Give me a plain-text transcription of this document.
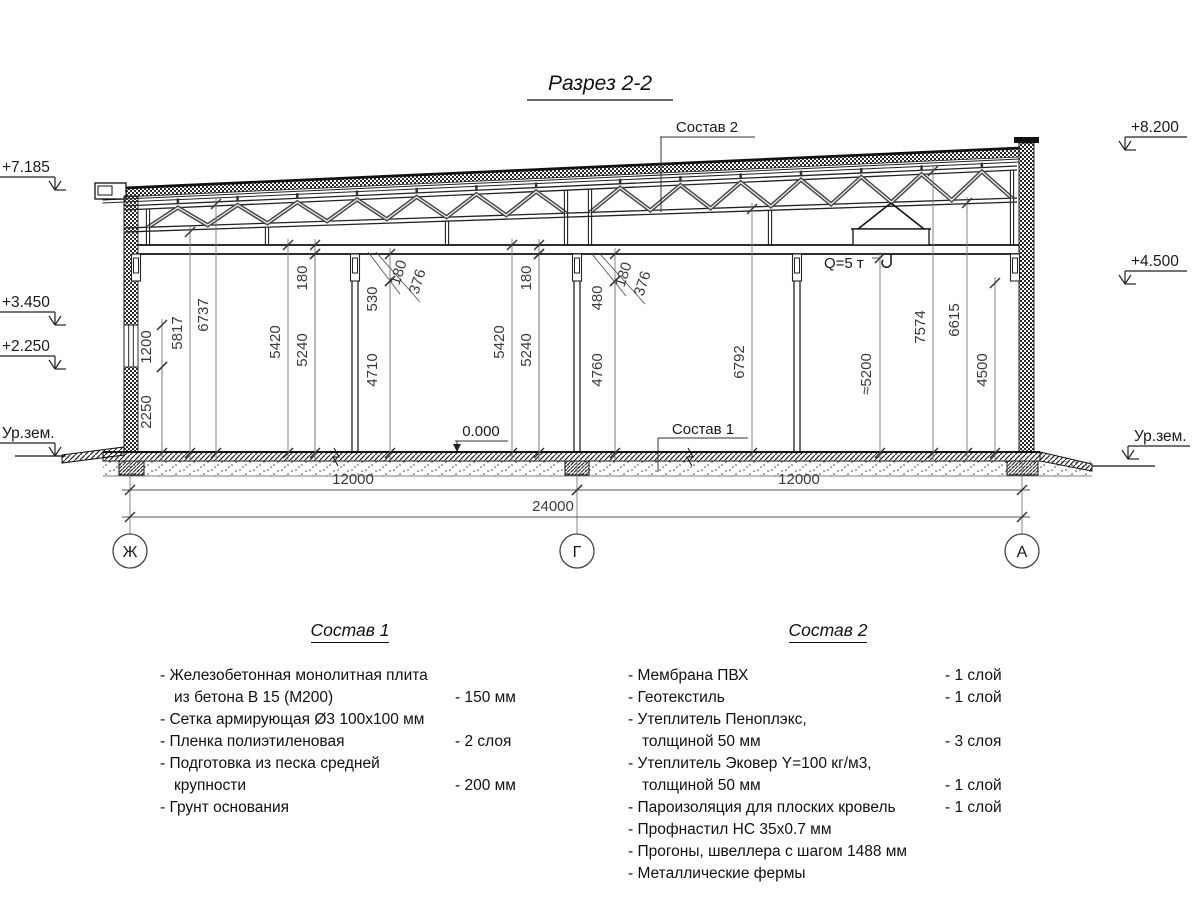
Разрез 2-2
Состав 2
Состав 1
0.000
Q=5 т
1200
2250
5817
6737
5420 5240
180
530
4710
180
376
5420 5240
180
480
4760
180
376
6792	≈5200
7574 6615
4500
12000	12000
24000
Ж	Г	А
+7.185
+3.450
+2.250
Ур.зем.
+8.200
+4.500
Ур.зем.
Состав 1
- Железобетонная монолитная плита
из бетона В 15 (М200)	- 150 мм
- Сетка армирующая Ø3 100x100 мм
- Пленка полиэтиленовая	- 2 слоя
- Подготовка из песка средней
крупности	- 200 мм
- Грунт основания
Состав 2
- Мембрана ПВХ	- 1 слой
- Геотекстиль	- 1 слой
- Утеплитель Пеноплэкс,
толщиной 50 мм	- 3 слоя
- Утеплитель Эковер Y=100 кг/м3,
толщиной 50 мм	- 1 слой
- Пароизоляция для плоских кровель	- 1 слой
- Профнастил НС 35x0.7 мм
- Прогоны, швеллера с шагом 1488 мм
- Металлические фермы
